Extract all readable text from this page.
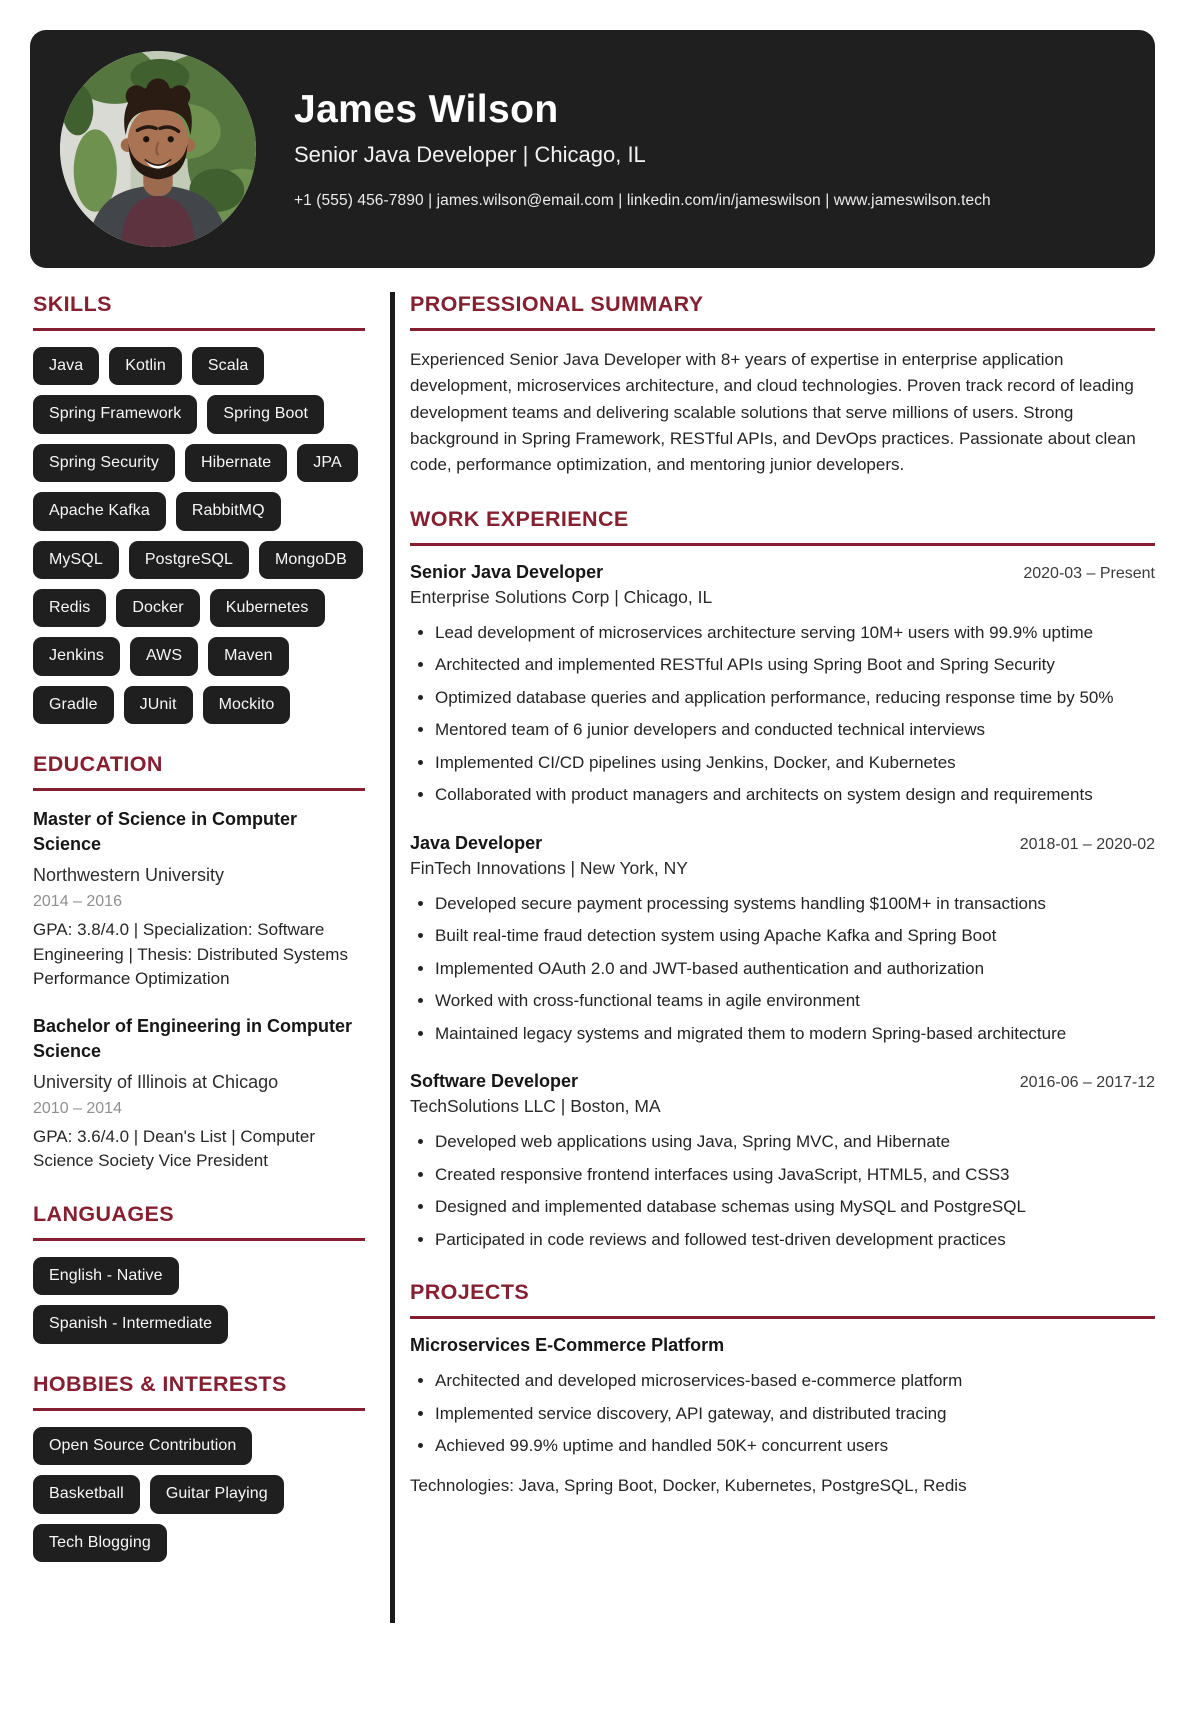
James Wilson
Senior Java Developer | Chicago, IL
+1 (555) 456-7890 | james.wilson@email.com | linkedin.com/in/jameswilson | www.jameswilson.tech
SKILLS
Java	Kotlin	Scala
Spring Framework	Spring Boot
Spring Security	Hibernate	JPA
Apache Kafka	RabbitMQ
MySQL	PostgreSQL	MongoDB
Redis	Docker	Kubernetes
Jenkins	AWS	Maven
Gradle	JUnit	Mockito
EDUCATION
Master of Science in Computer Science
Northwestern University
2014 – 2016
GPA: 3.8/4.0 | Specialization: Software Engineering | Thesis: Distributed Systems Performance Optimization
Bachelor of Engineering in Computer Science
University of Illinois at Chicago
2010 – 2014
GPA: 3.6/4.0 | Dean's List | Computer Science Society Vice President
LANGUAGES
English - Native
Spanish - Intermediate
HOBBIES & INTERESTS
Open Source Contribution
Basketball	Guitar Playing
Tech Blogging
PROFESSIONAL SUMMARY

Experienced Senior Java Developer with 8+ years of expertise in enterprise application development, microservices architecture, and cloud technologies. Proven track record of leading development teams and delivering scalable solutions that serve millions of users. Strong background in Spring Framework, RESTful APIs, and DevOps practices. Passionate about clean code, performance optimization, and mentoring junior developers.

WORK EXPERIENCE
Senior Java Developer	2020-03 – Present
Enterprise Solutions Corp | Chicago, IL
• Lead development of microservices architecture serving 10M+ users with 99.9% uptime
• Architected and implemented RESTful APIs using Spring Boot and Spring Security
• Optimized database queries and application performance, reducing response time by 50%
• Mentored team of 6 junior developers and conducted technical interviews
• Implemented CI/CD pipelines using Jenkins, Docker, and Kubernetes
• Collaborated with product managers and architects on system design and requirements
Java Developer	2018-01 – 2020-02
FinTech Innovations | New York, NY
• Developed secure payment processing systems handling $100M+ in transactions
• Built real-time fraud detection system using Apache Kafka and Spring Boot
• Implemented OAuth 2.0 and JWT-based authentication and authorization
• Worked with cross-functional teams in agile environment
• Maintained legacy systems and migrated them to modern Spring-based architecture
Software Developer	2016-06 – 2017-12
TechSolutions LLC | Boston, MA
• Developed web applications using Java, Spring MVC, and Hibernate
• Created responsive frontend interfaces using JavaScript, HTML5, and CSS3
• Designed and implemented database schemas using MySQL and PostgreSQL
• Participated in code reviews and followed test-driven development practices
PROJECTS
Microservices E-Commerce Platform
• Architected and developed microservices-based e-commerce platform
• Implemented service discovery, API gateway, and distributed tracing
• Achieved 99.9% uptime and handled 50K+ concurrent users
Technologies: Java, Spring Boot, Docker, Kubernetes, PostgreSQL, Redis
